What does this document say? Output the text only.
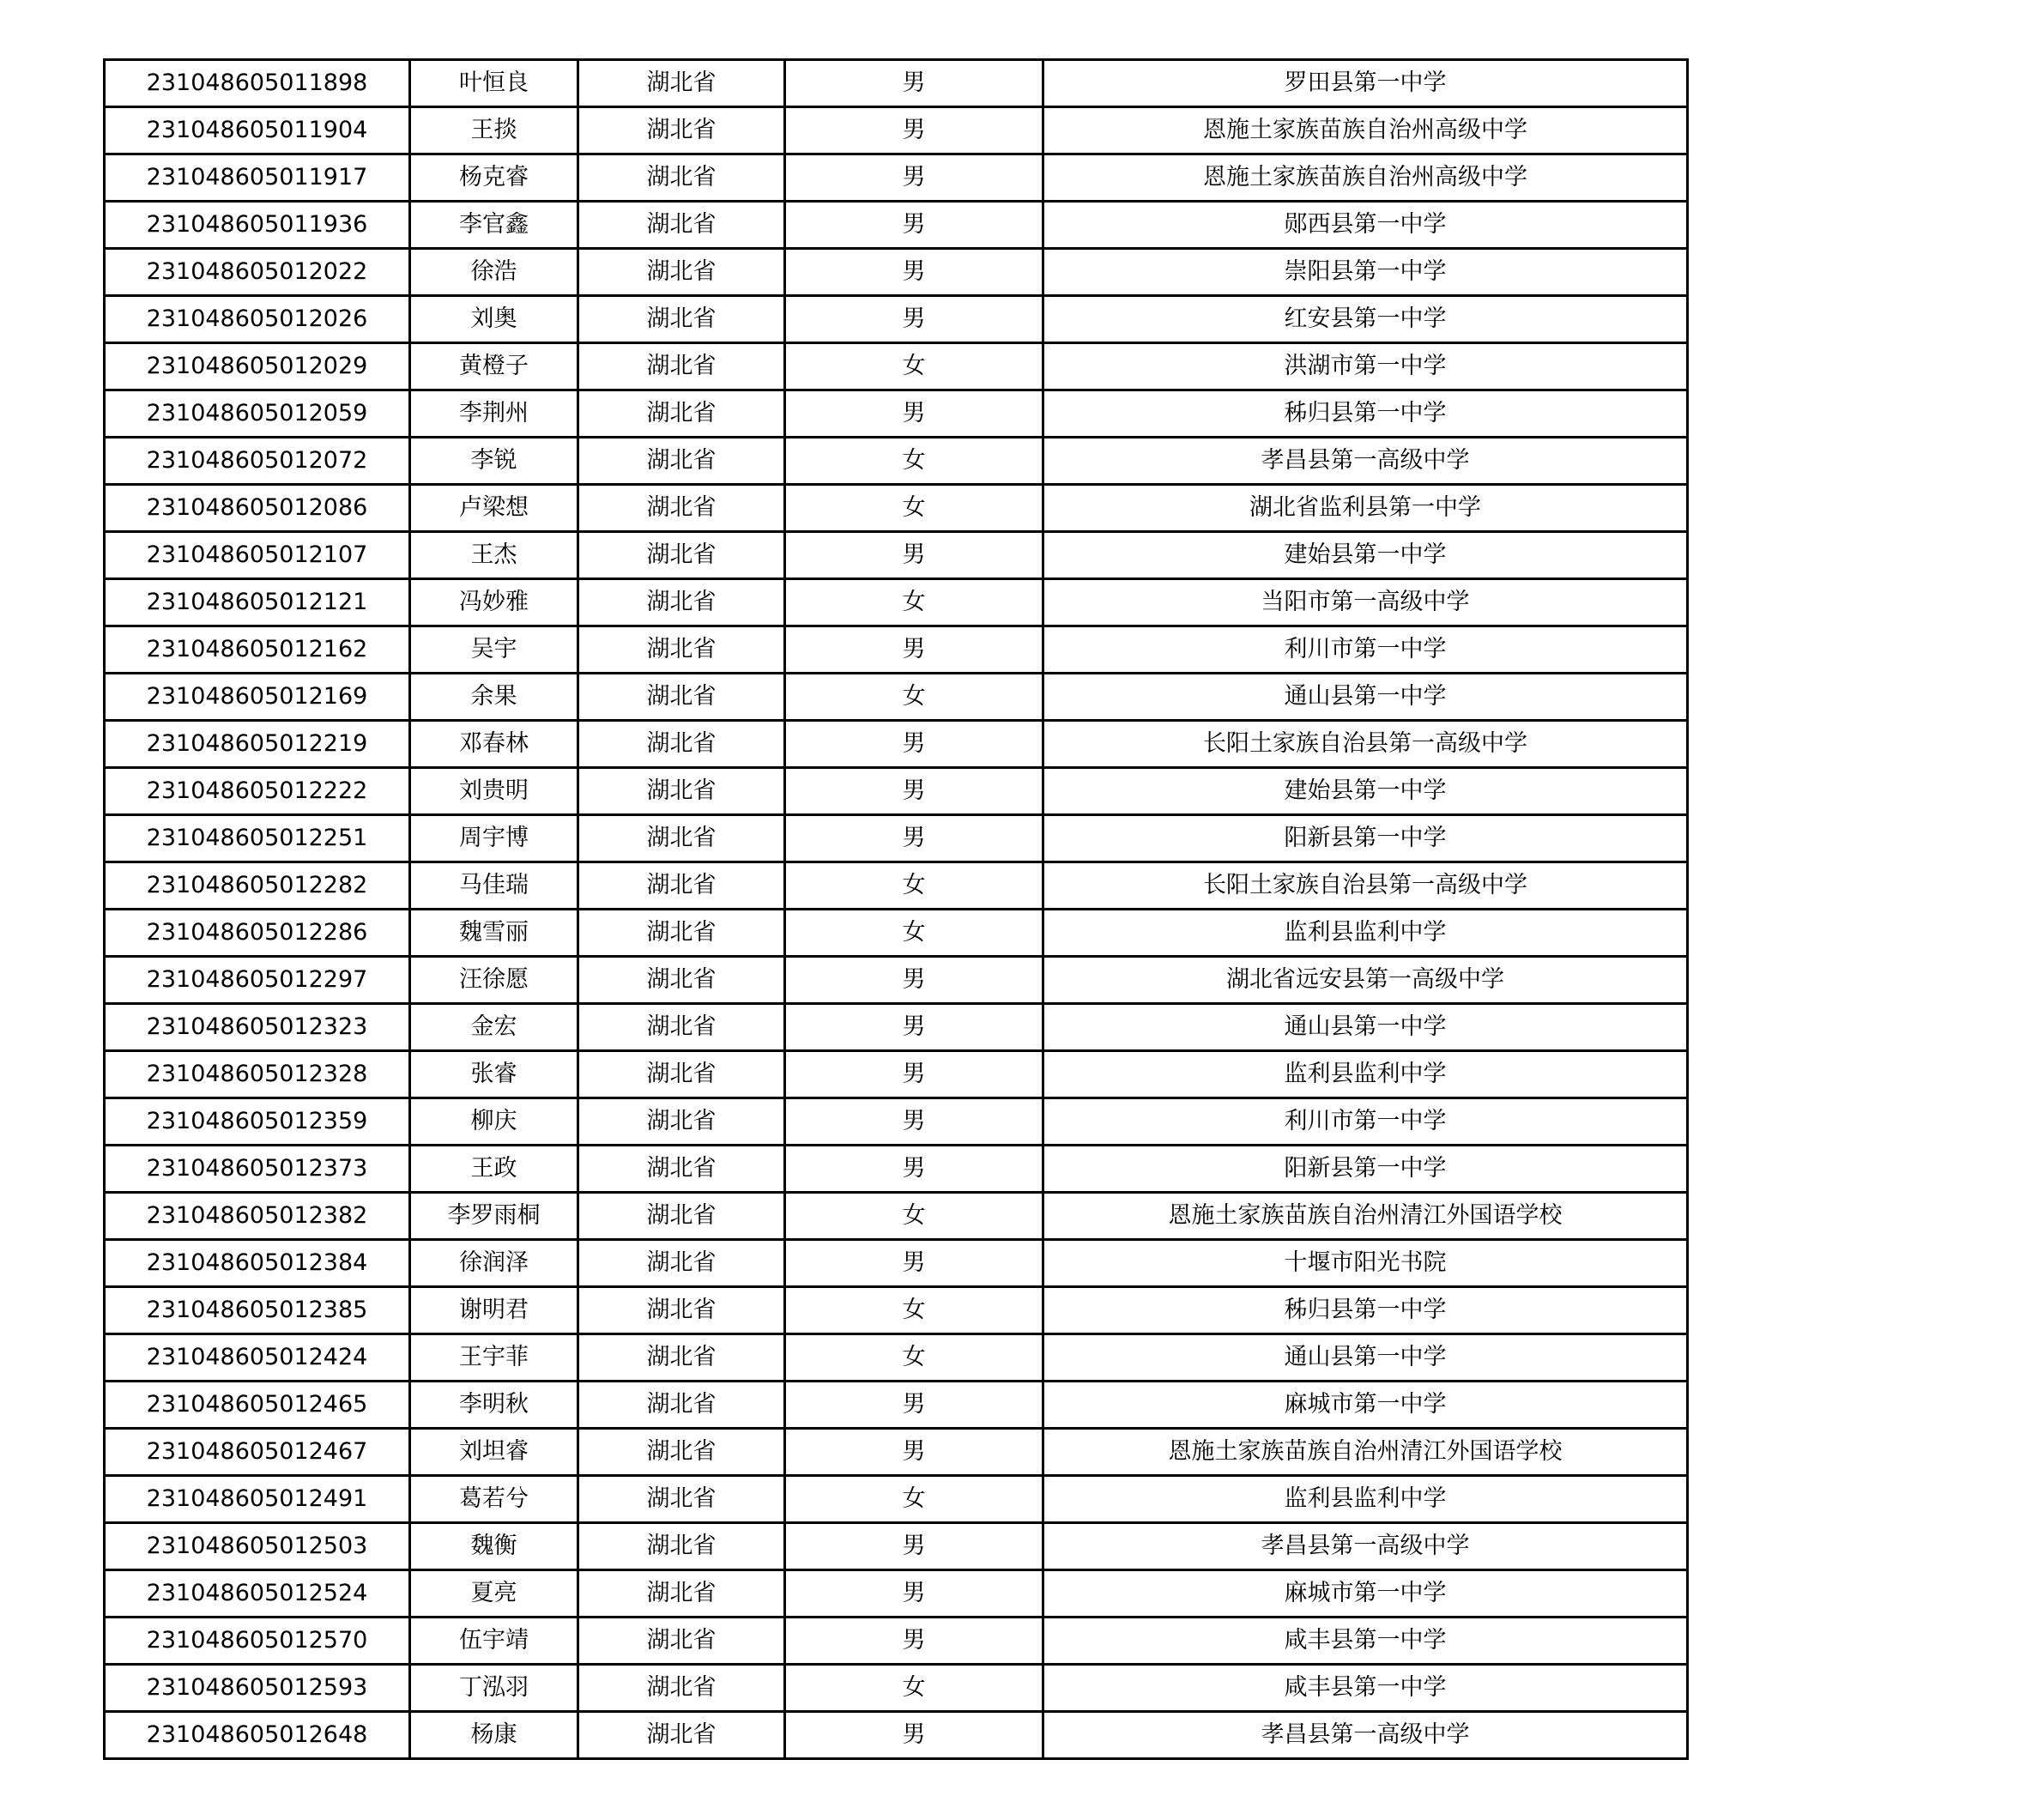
231048605011898	叶恒良	湖北省	男	罗田县第一中学
231048605011904	王掞	湖北省	男	恩施土家族苗族自治州高级中学
231048605011917	杨克睿	湖北省	男	恩施土家族苗族自治州高级中学
231048605011936	李官鑫	湖北省	男	郧西县第一中学
231048605012022	徐浩	湖北省	男	崇阳县第一中学
231048605012026	刘奥	湖北省	男	红安县第一中学
231048605012029	黄橙子	湖北省	女	洪湖市第一中学
231048605012059	李荆州	湖北省	男	秭归县第一中学
231048605012072	李锐	湖北省	女	孝昌县第一高级中学
231048605012086	卢梁想	湖北省	女	湖北省监利县第一中学
231048605012107	王杰	湖北省	男	建始县第一中学
231048605012121	冯妙雅	湖北省	女	当阳市第一高级中学
231048605012162	吴宇	湖北省	男	利川市第一中学
231048605012169	余果	湖北省	女	通山县第一中学
231048605012219	邓春林	湖北省	男	长阳土家族自治县第一高级中学
231048605012222	刘贵明	湖北省	男	建始县第一中学
231048605012251	周宇博	湖北省	男	阳新县第一中学
231048605012282	马佳瑞	湖北省	女	长阳土家族自治县第一高级中学
231048605012286	魏雪丽	湖北省	女	监利县监利中学
231048605012297	汪徐愿	湖北省	男	湖北省远安县第一高级中学
231048605012323	金宏	湖北省	男	通山县第一中学
231048605012328	张睿	湖北省	男	监利县监利中学
231048605012359	柳庆	湖北省	男	利川市第一中学
231048605012373	王政	湖北省	男	阳新县第一中学
231048605012382	李罗雨桐	湖北省	女	恩施土家族苗族自治州清江外国语学校
231048605012384	徐润泽	湖北省	男	十堰市阳光书院
231048605012385	谢明君	湖北省	女	秭归县第一中学
231048605012424	王宇菲	湖北省	女	通山县第一中学
231048605012465	李明秋	湖北省	男	麻城市第一中学
231048605012467	刘坦睿	湖北省	男	恩施土家族苗族自治州清江外国语学校
231048605012491	葛若兮	湖北省	女	监利县监利中学
231048605012503	魏衡	湖北省	男	孝昌县第一高级中学
231048605012524	夏亮	湖北省	男	麻城市第一中学
231048605012570	伍宇靖	湖北省	男	咸丰县第一中学
231048605012593	丁泓羽	湖北省	女	咸丰县第一中学
231048605012648	杨康	湖北省	男	孝昌县第一高级中学
